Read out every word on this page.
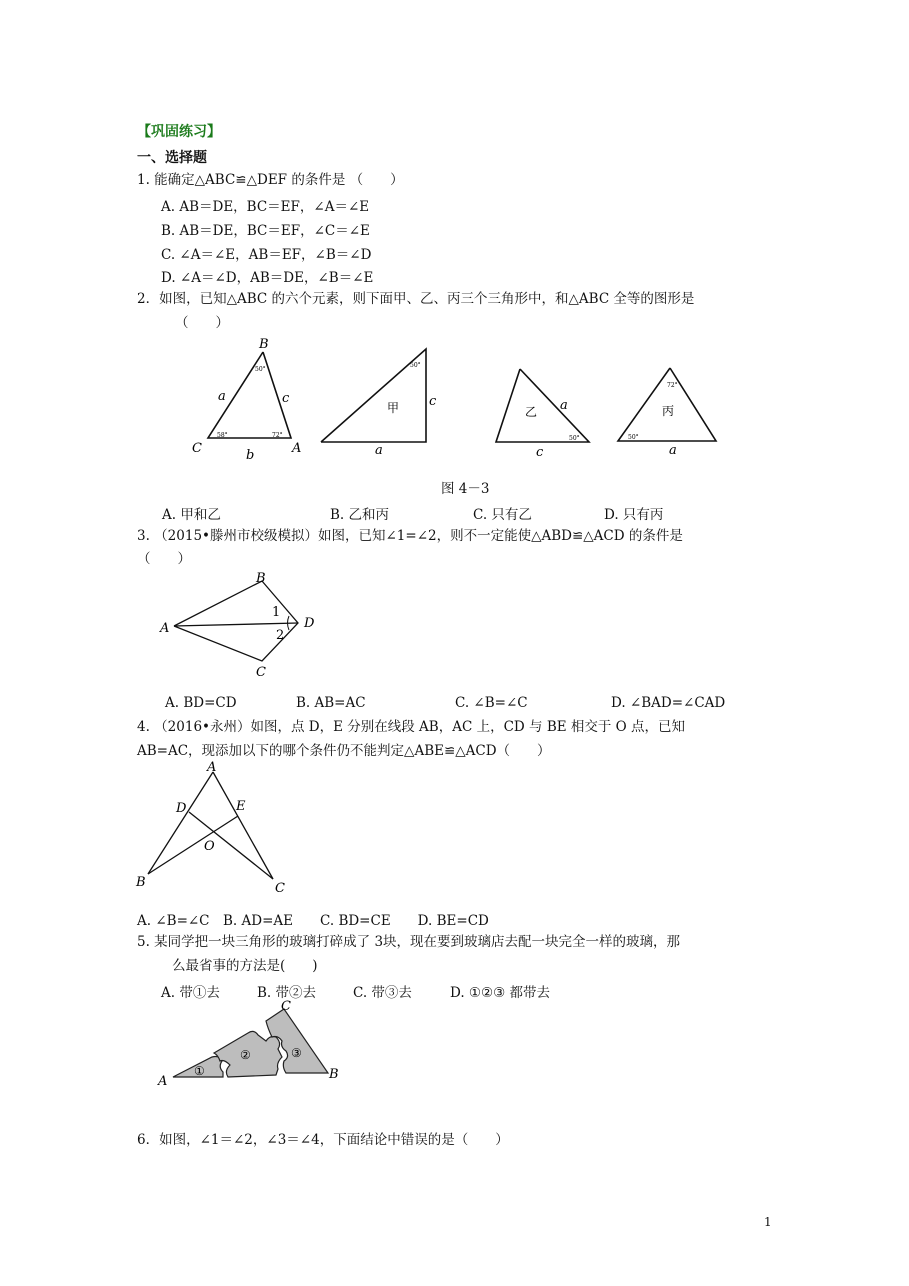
【巩固练习】
一、选择题
1. 能确定△ABC≌△DEF 的条件是 （　　）
A. AB＝DE，BC＝EF，∠A＝∠E
B. AB＝DE，BC＝EF，∠C＝∠E
C. ∠A＝∠E，AB＝EF，∠B＝∠D
D. ∠A＝∠D，AB＝DE，∠B＝∠E
2．如图，已知△ABC 的六个元素，则下面甲、乙、丙三个三角形中，和△ABC 全等的图形是
（　　）
B
C	A
a	c
b
50°
58°	72°
甲 c
a
50°
乙 a
c
50°
丙
a
72°
50°
图 4－3
A. 甲和乙	B. 乙和丙	C. 只有乙	D. 只有丙
3. （2015•滕州市校级模拟）如图，已知∠1=∠2，则不一定能使△ABD≌△ACD 的条件是
（　　）
A
B
C
D
1
2
A. BD=CD	B. AB=AC	C. ∠B=∠C	D. ∠BAD=∠CAD
4. （2016•永州）如图，点 D，E 分别在线段 AB，AC 上，CD 与 BE 相交于 O 点，已知
AB=AC，现添加以下的哪个条件仍不能判定△ABE≌△ACD（　　）
A
B	C
D	E
O
A. ∠B=∠C　B. AD=AE　　C. BD=CE　　D. BE=CD
5. 某同学把一块三角形的玻璃打碎成了 3块，现在要到玻璃店去配一块完全一样的玻璃，那
么最省事的方法是(　　)
A. 带①去	B. 带②去	C. 带③去	D. ①②③ 都带去
①
②	③
A	B
C
6．如图，∠1＝∠2，∠3＝∠4，下面结论中错误的是（　　）
1
